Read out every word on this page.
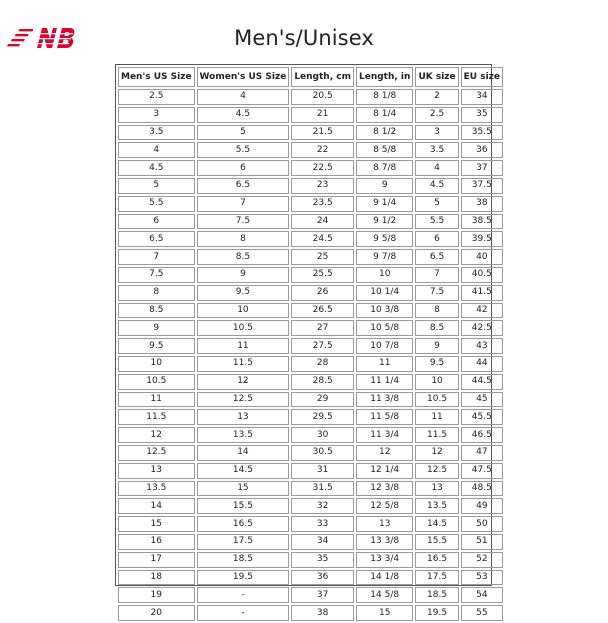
Men's/Unisex
Men's US Size	Women's US Size	Length, cm	Length, in	UK size	EU size
2.5	4	20.5	8 1/8	2	34
3	4.5	21	8 1/4	2.5	35
3.5	5	21.5	8 1/2	3	35.5
4	5.5	22	8 5/8	3.5	36
4.5	6	22.5	8 7/8	4	37
5	6.5	23	9	4.5	37.5
5.5	7	23.5	9 1/4	5	38
6	7.5	24	9 1/2	5.5	38.5
6.5	8	24.5	9 5/8	6	39.5
7	8.5	25	9 7/8	6.5	40
7.5	9	25.5	10	7	40.5
8	9.5	26	10 1/4	7.5	41.5
8.5	10	26.5	10 3/8	8	42
9	10.5	27	10 5/8	8.5	42.5
9.5	11	27.5	10 7/8	9	43
10	11.5	28	11	9.5	44
10.5	12	28.5	11 1/4	10	44.5
11	12.5	29	11 3/8	10.5	45
11.5	13	29.5	11 5/8	11	45.5
12	13.5	30	11 3/4	11.5	46.5
12.5	14	30.5	12	12	47
13	14.5	31	12 1/4	12.5	47.5
13.5	15	31.5	12 3/8	13	48.5
14	15.5	32	12 5/8	13.5	49
15	16.5	33	13	14.5	50
16	17.5	34	13 3/8	15.5	51
17	18.5	35	13 3/4	16.5	52
18	19.5	36	14 1/8	17.5	53
19	-	37	14 5/8	18.5	54
20	-	38	15	19.5	55
